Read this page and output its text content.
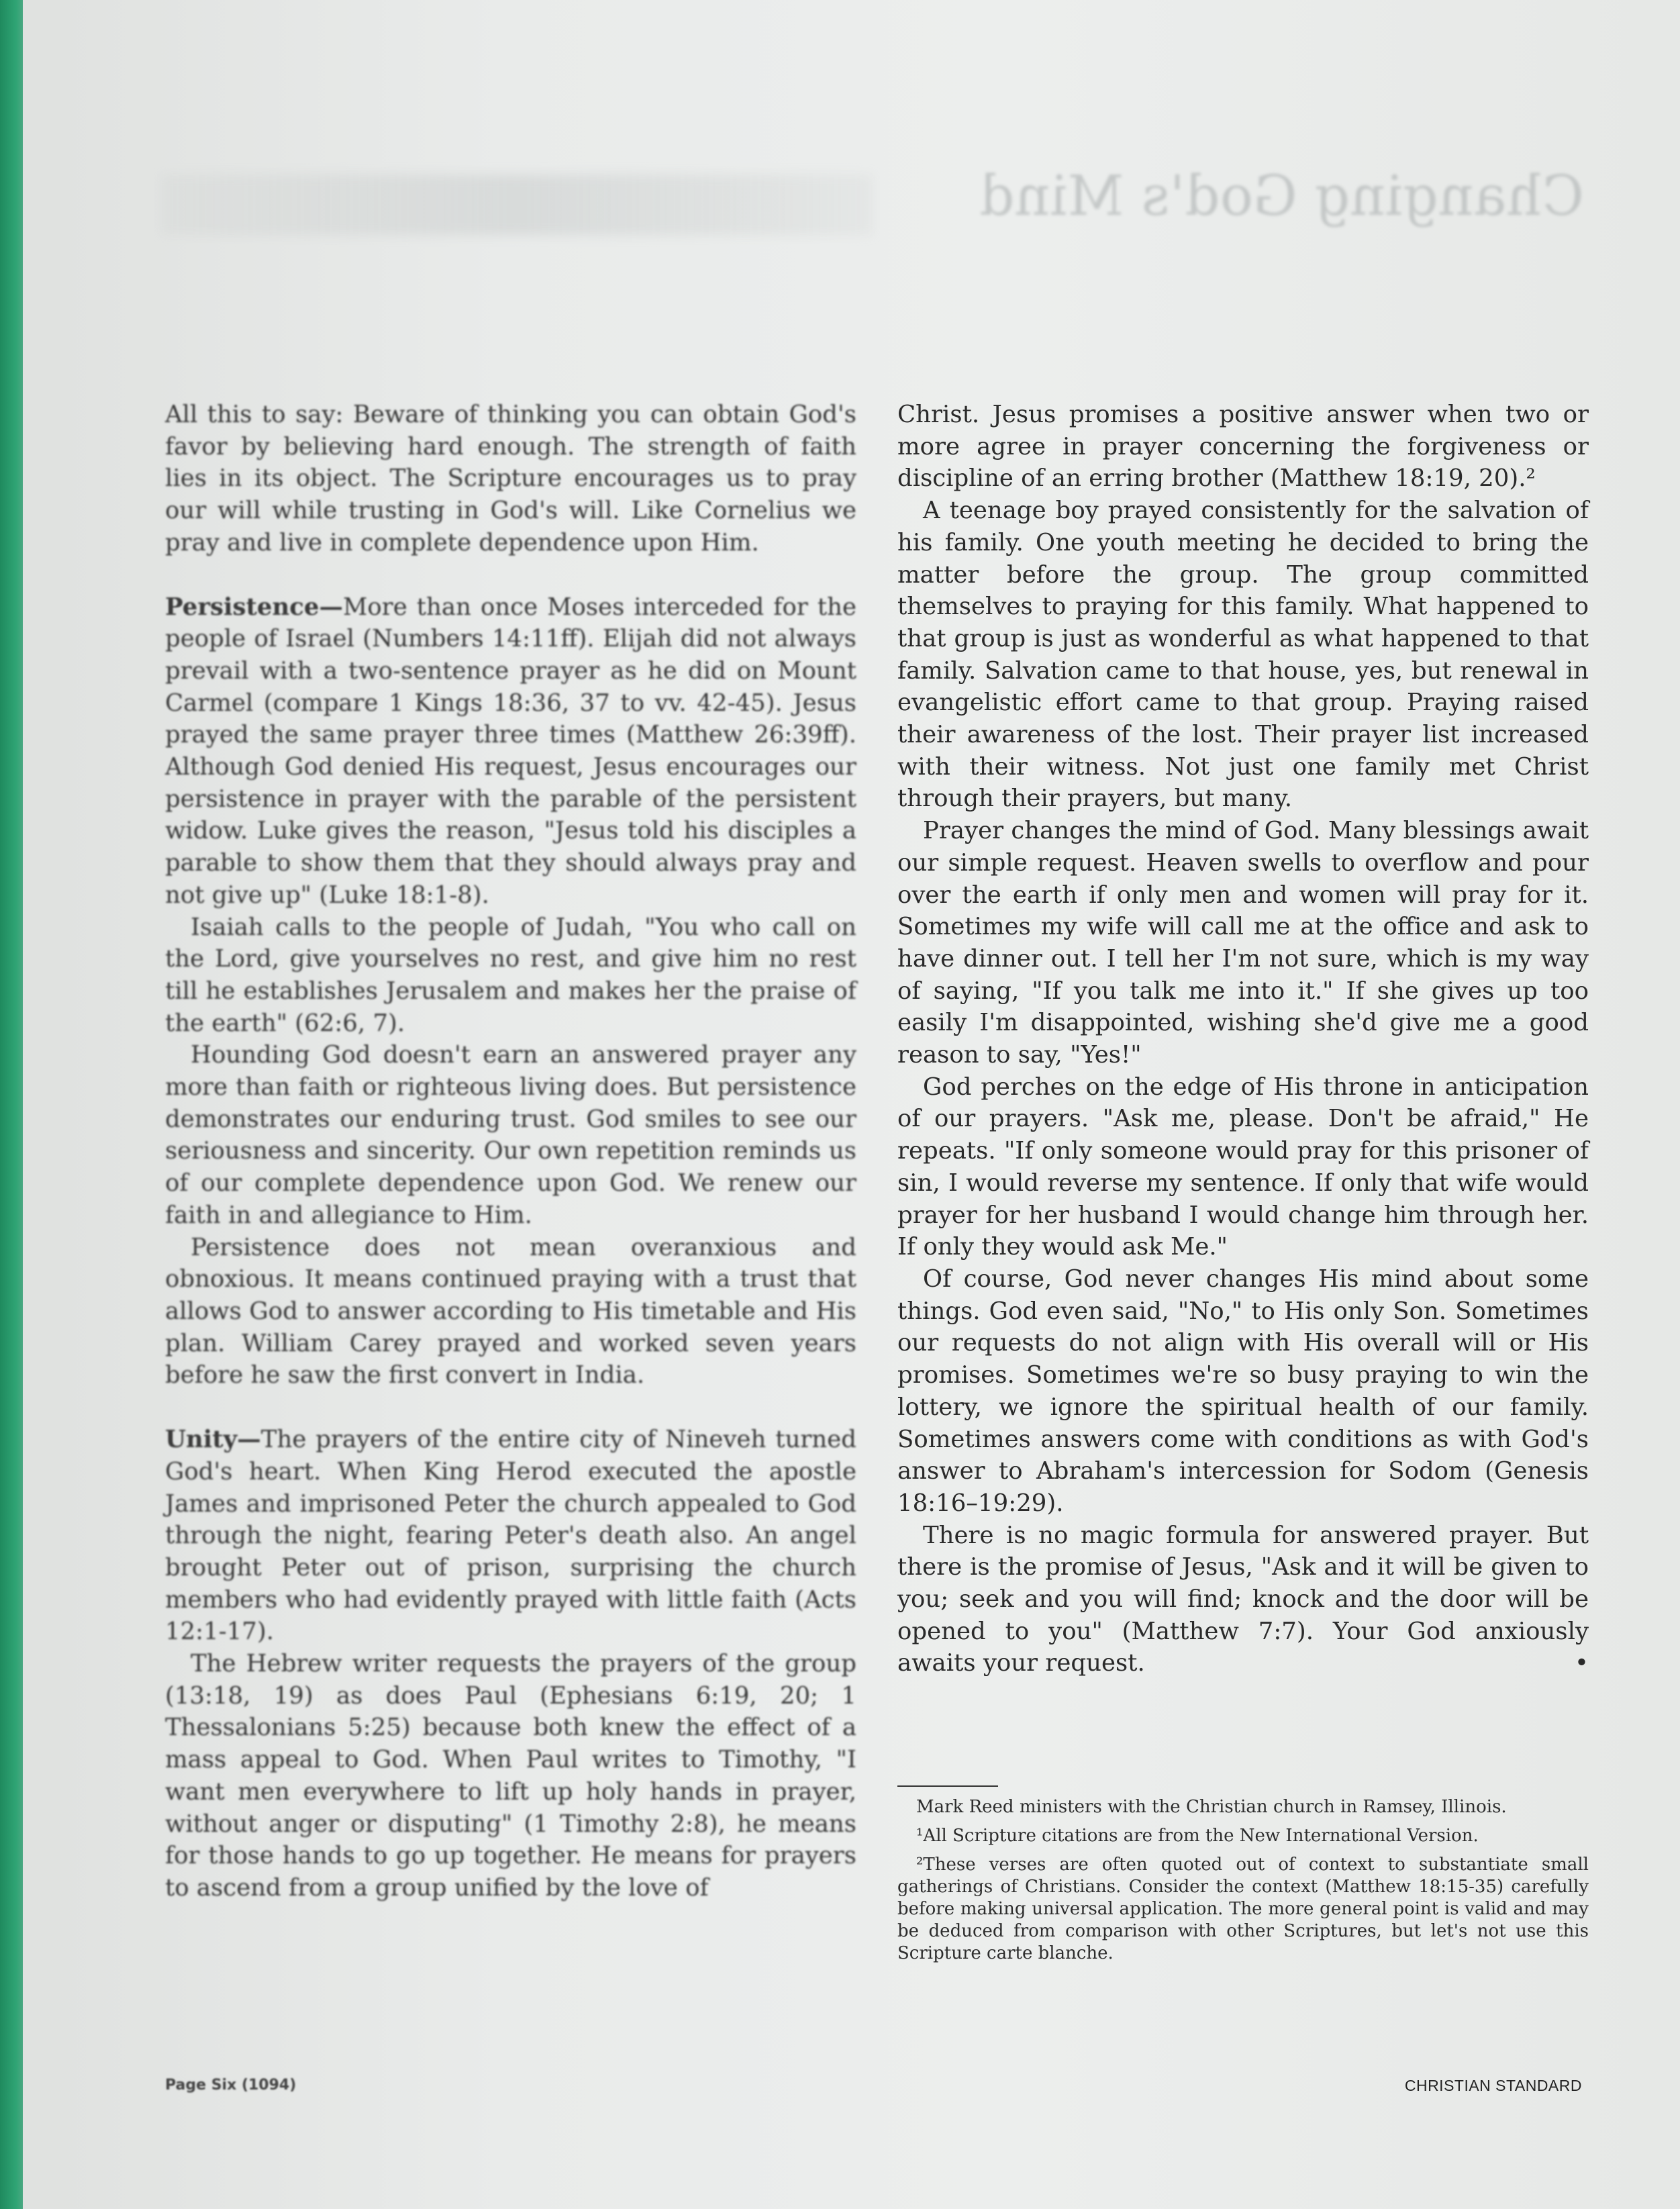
Changing God's Mind

All this to say: Beware of thinking you can obtain God's favor by believing hard enough. The strength of faith lies in its object. The Scripture encourages us to pray our will while trusting in God's will. Like Cornelius we pray and live in complete dependence upon Him.

Persistence—More than once Moses interceded for the people of Israel (Numbers 14:11ff). Elijah did not always prevail with a two-sentence prayer as he did on Mount Carmel (compare 1 Kings 18:36, 37 to vv. 42-45). Jesus prayed the same prayer three times (Matthew 26:39ff). Although God denied His request, Jesus encourages our persistence in prayer with the parable of the persistent widow. Luke gives the reason, "Jesus told his disciples a parable to show them that they should always pray and not give up" (Luke 18:1-8).

Isaiah calls to the people of Judah, "You who call on the Lord, give yourselves no rest, and give him no rest till he establishes Jerusalem and makes her the praise of the earth" (62:6, 7).

Hounding God doesn't earn an answered prayer any more than faith or righteous living does. But persistence demonstrates our enduring trust. God smiles to see our seriousness and sincerity. Our own repetition reminds us of our complete dependence upon God. We renew our faith in and allegiance to Him.

Persistence does not mean overanxious and obnoxious. It means continued praying with a trust that allows God to answer according to His timetable and His plan. William Carey prayed and worked seven years before he saw the first convert in India.

Unity—The prayers of the entire city of Nineveh turned God's heart. When King Herod executed the apostle James and imprisoned Peter the church appealed to God through the night, fearing Peter's death also. An angel brought Peter out of prison, surprising the church members who had evidently prayed with little faith (Acts 12:1-17).

The Hebrew writer requests the prayers of the group (13:18, 19) as does Paul (Ephesians 6:19, 20; 1 Thessalonians 5:25) because both knew the effect of a mass appeal to God. When Paul writes to Timothy, "I want men everywhere to lift up holy hands in prayer, without anger or disputing" (1 Timothy 2:8), he means for those hands to go up together. He means for prayers to ascend from a group unified by the love of

Christ. Jesus promises a positive answer when two or more agree in prayer concerning the forgiveness or discipline of an erring brother (Matthew 18:19, 20).²

A teenage boy prayed consistently for the salvation of his family. One youth meeting he decided to bring the matter before the group. The group committed themselves to praying for this family. What happened to that group is just as wonderful as what happened to that family. Salvation came to that house, yes, but renewal in evangelistic effort came to that group. Praying raised their awareness of the lost. Their prayer list increased with their witness. Not just one family met Christ through their prayers, but many.

Prayer changes the mind of God. Many blessings await our simple request. Heaven swells to overflow and pour over the earth if only men and women will pray for it. Sometimes my wife will call me at the office and ask to have dinner out. I tell her I'm not sure, which is my way of saying, "If you talk me into it." If she gives up too easily I'm disappointed, wishing she'd give me a good reason to say, "Yes!"

God perches on the edge of His throne in anticipation of our prayers. "Ask me, please. Don't be afraid," He repeats. "If only someone would pray for this prisoner of sin, I would reverse my sentence. If only that wife would prayer for her husband I would change him through her. If only they would ask Me."

Of course, God never changes His mind about some things. God even said, "No," to His only Son. Sometimes our requests do not align with His overall will or His promises. Sometimes we're so busy praying to win the lottery, we ignore the spiritual health of our family. Sometimes answers come with conditions as with God's answer to Abraham's intercession for Sodom (Genesis 18:16–19:29).

There is no magic formula for answered prayer. But there is the promise of Jesus, "Ask and it will be given to you; seek and you will find; knock and the door will be opened to you" (Matthew 7:7). Your God anxiously awaits your request.	•

Mark Reed ministers with the Christian church in Ramsey, Illinois.

¹All Scripture citations are from the New International Version.

²These verses are often quoted out of context to substantiate small gatherings of Christians. Consider the context (Matthew 18:15-35) carefully before making universal application. The more general point is valid and may be deduced from comparison with other Scriptures, but let's not use this Scripture carte blanche.

Page Six (1094)	CHRISTIAN STANDARD
